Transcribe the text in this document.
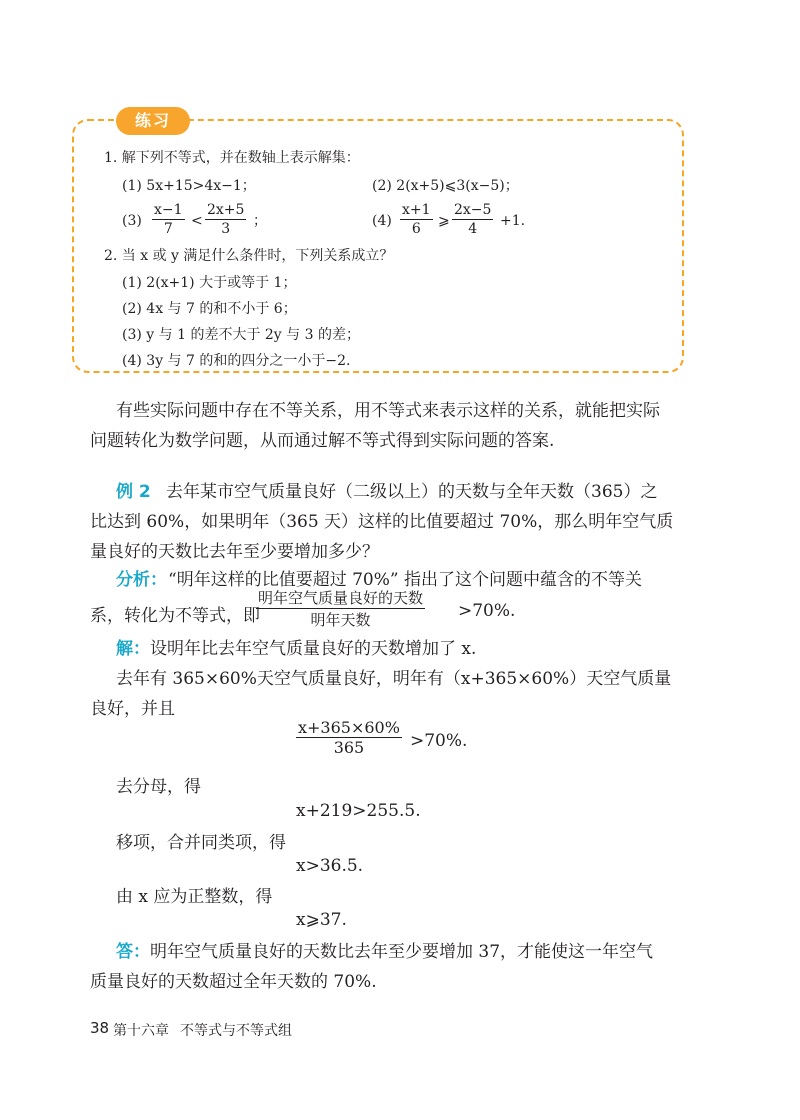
练习
1. 解下列不等式，并在数轴上表示解集：
(1) 5x+15>4x−1；	(2) 2(x+5)⩽3(x−5)；
$(3) \frac{x-1}{7} < \frac{2x+5}{3}$ ；	$(4) \frac{x+1}{6}$ ⩾ $\frac{2x-5}{4} +1$.
2. 当 x 或 y 满足什么条件时，下列关系成立？
(1) 2(x+1) 大于或等于 1；
(2) 4x 与 7 的和不小于 6；
(3) y 与 1 的差不大于 2y 与 3 的差；
(4) 3y 与 7 的和的四分之一小于−2.
有些实际问题中存在不等关系，用不等式来表示这样的关系，就能把实际
问题转化为数学问题，从而通过解不等式得到实际问题的答案.
例 2 去年某市空气质量良好（二级以上）的天数与全年天数（365）之
比达到 60%，如果明年（365 天）这样的比值要超过 70%，那么明年空气质
量良好的天数比去年至少要增加多少？
分析： “明年这样的比值要超过 70%” 指出了这个问题中蕴含的不等关
系，转化为不等式，即
明年空气质量良好的天数
明年天数	>70%.
解： 设明年比去年空气质量良好的天数增加了 x.
去年有 365×60%天空气质量良好，明年有（x+365×60%）天空气质量
良好，并且
$\frac{x+365\times 60\%}{365} >70\%$.
去分母，得
x+219>255.5.
移项，合并同类项，得
x>36.5.
由 x 应为正整数，得
x⩾37.
答： 明年空气质量良好的天数比去年至少要增加 37，才能使这一年空气
质量良好的天数超过全年天数的 70%.
38 第十六章 不等式与不等式组
